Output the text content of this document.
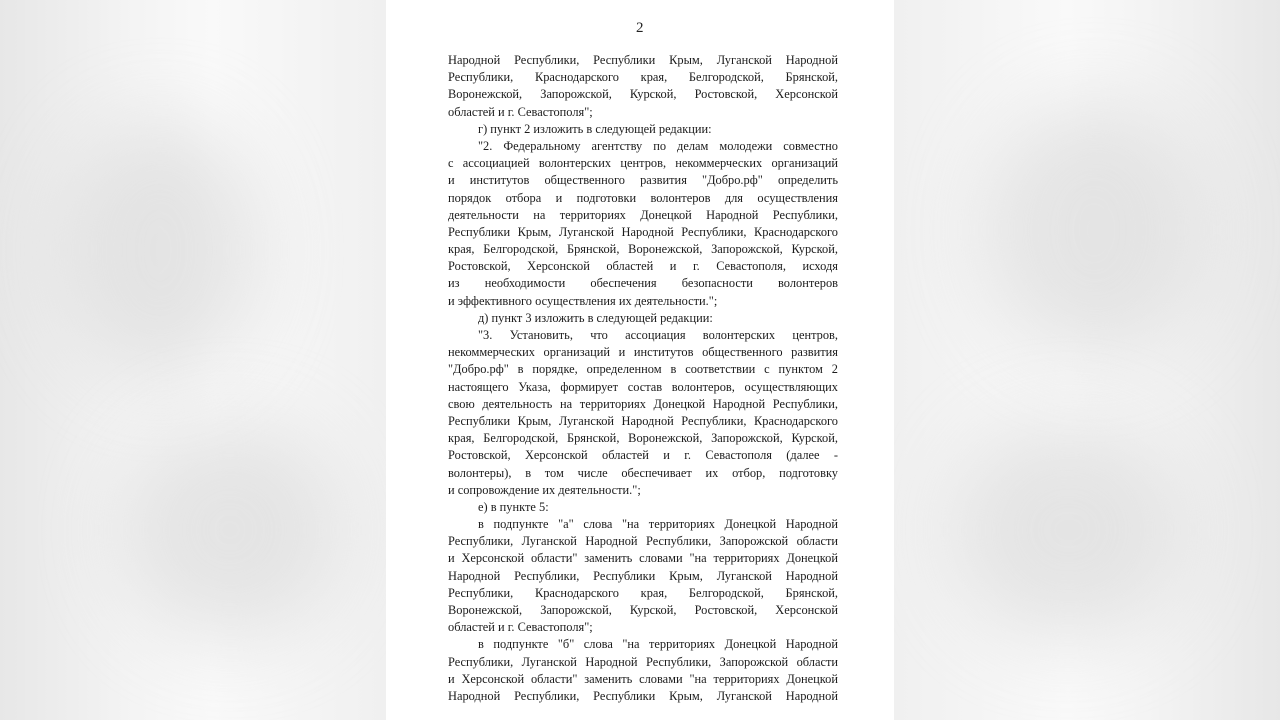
2
Народной Республики, Республики Крым, Луганской Народной
Республики, Краснодарского края, Белгородской, Брянской,
Воронежской, Запорожской, Курской, Ростовской, Херсонской
областей и г. Севастополя";
г) пункт 2 изложить в следующей редакции:
"2. Федеральному агентству по делам молодежи совместно
с ассоциацией волонтерских центров, некоммерческих организаций
и институтов общественного развития "Добро.рф" определить
порядок отбора и подготовки волонтеров для осуществления
деятельности на территориях Донецкой Народной Республики,
Республики Крым, Луганской Народной Республики, Краснодарского
края, Белгородской, Брянской, Воронежской, Запорожской, Курской,
Ростовской, Херсонской областей и г. Севастополя, исходя
из необходимости обеспечения безопасности волонтеров
и эффективного осуществления их деятельности.";
д) пункт 3 изложить в следующей редакции:
"3. Установить, что ассоциация волонтерских центров,
некоммерческих организаций и институтов общественного развития
"Добро.рф" в порядке, определенном в соответствии с пунктом 2
настоящего Указа, формирует состав волонтеров, осуществляющих
свою деятельность на территориях Донецкой Народной Республики,
Республики Крым, Луганской Народной Республики, Краснодарского
края, Белгородской, Брянской, Воронежской, Запорожской, Курской,
Ростовской, Херсонской областей и г. Севастополя (далее -
волонтеры), в том числе обеспечивает их отбор, подготовку
и сопровождение их деятельности.";
е) в пункте 5:
в подпункте "а" слова "на территориях Донецкой Народной
Республики, Луганской Народной Республики, Запорожской области
и Херсонской области" заменить словами "на территориях Донецкой
Народной Республики, Республики Крым, Луганской Народной
Республики, Краснодарского края, Белгородской, Брянской,
Воронежской, Запорожской, Курской, Ростовской, Херсонской
областей и г. Севастополя";
в подпункте "б" слова "на территориях Донецкой Народной
Республики, Луганской Народной Республики, Запорожской области
и Херсонской области" заменить словами "на территориях Донецкой
Народной Республики, Республики Крым, Луганской Народной
